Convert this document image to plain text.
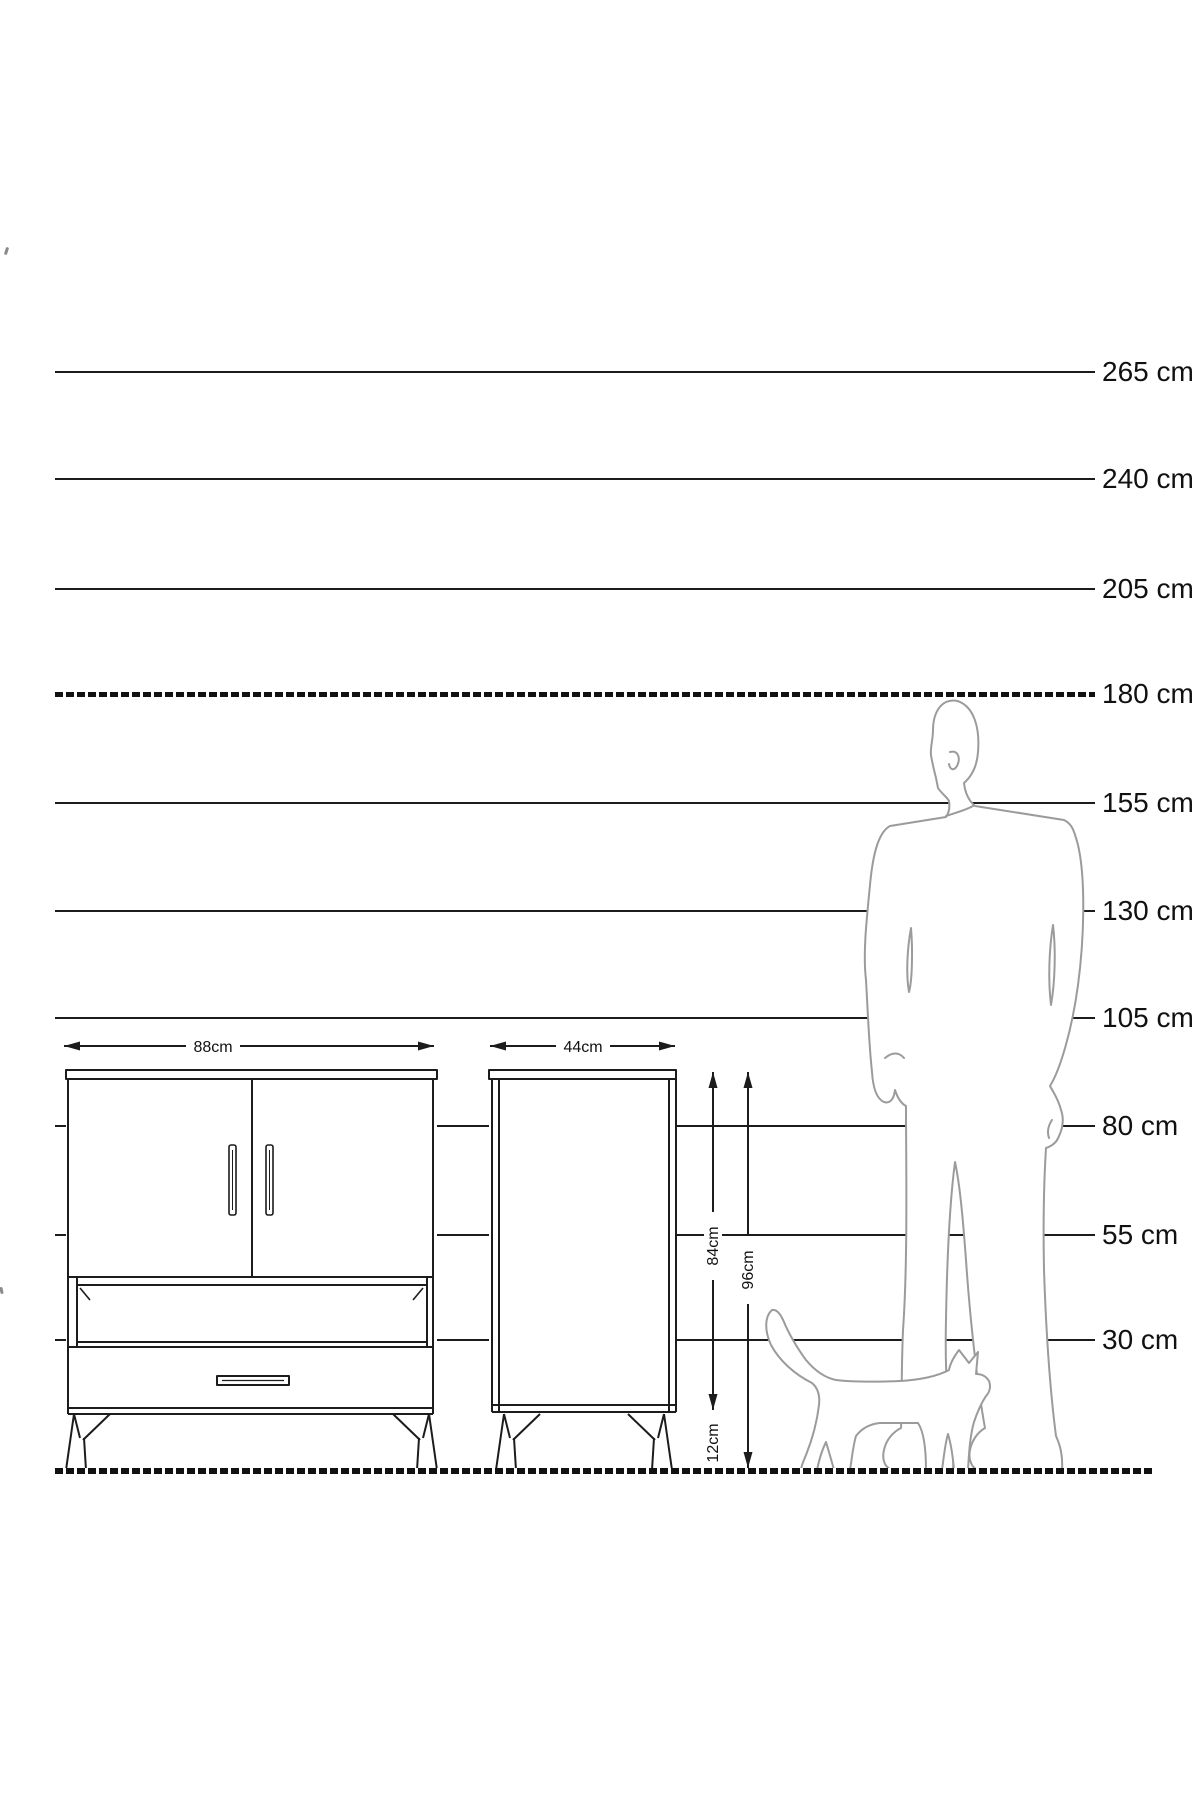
265 cm
240 cm
205 cm
180 cm
155 cm
130 cm
105 cm
80 cm
55 cm
30 cm
88cm	44cm
84cm
12cm
96cm
